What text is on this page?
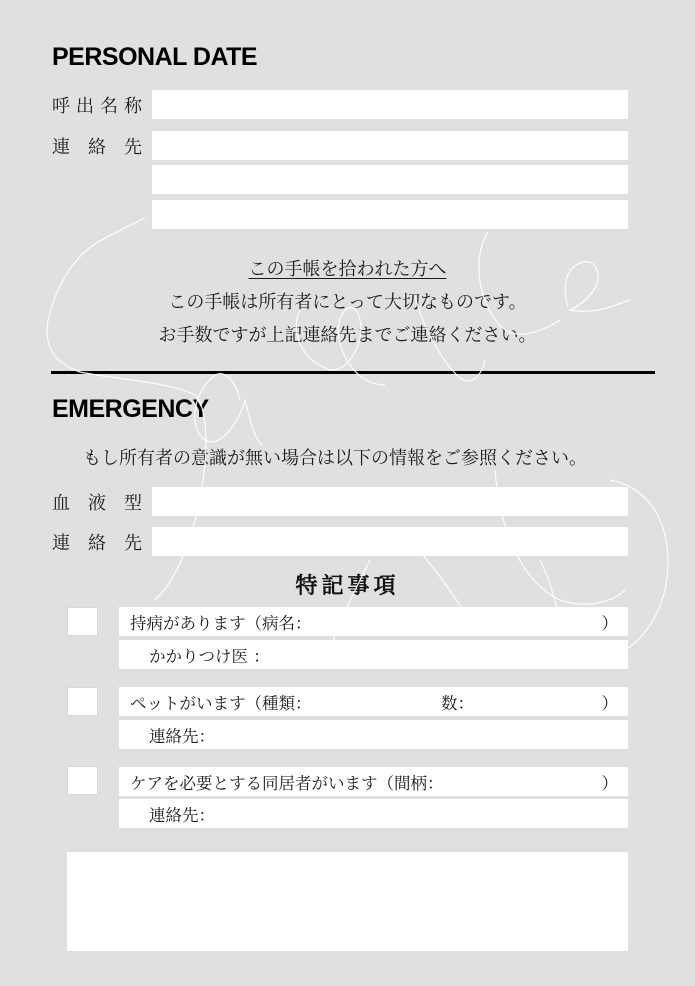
PERSONAL DATE
呼 出 名 称
連 絡 先
この手帳を拾われた方へ
この手帳は所有者にとって大切なものです。
お手数ですが上記連絡先までご連絡ください。
EMERGENCY
もし所有者の意識が無い場合は以下の情報をご参照ください。
血 液 型
連 絡 先
特記事項
持病があります（病名：	）
かかりつけ医 ：
ペットがいます（種類：	数：	）
連絡先：
ケアを必要とする同居者がいます（間柄：	）
連絡先：
